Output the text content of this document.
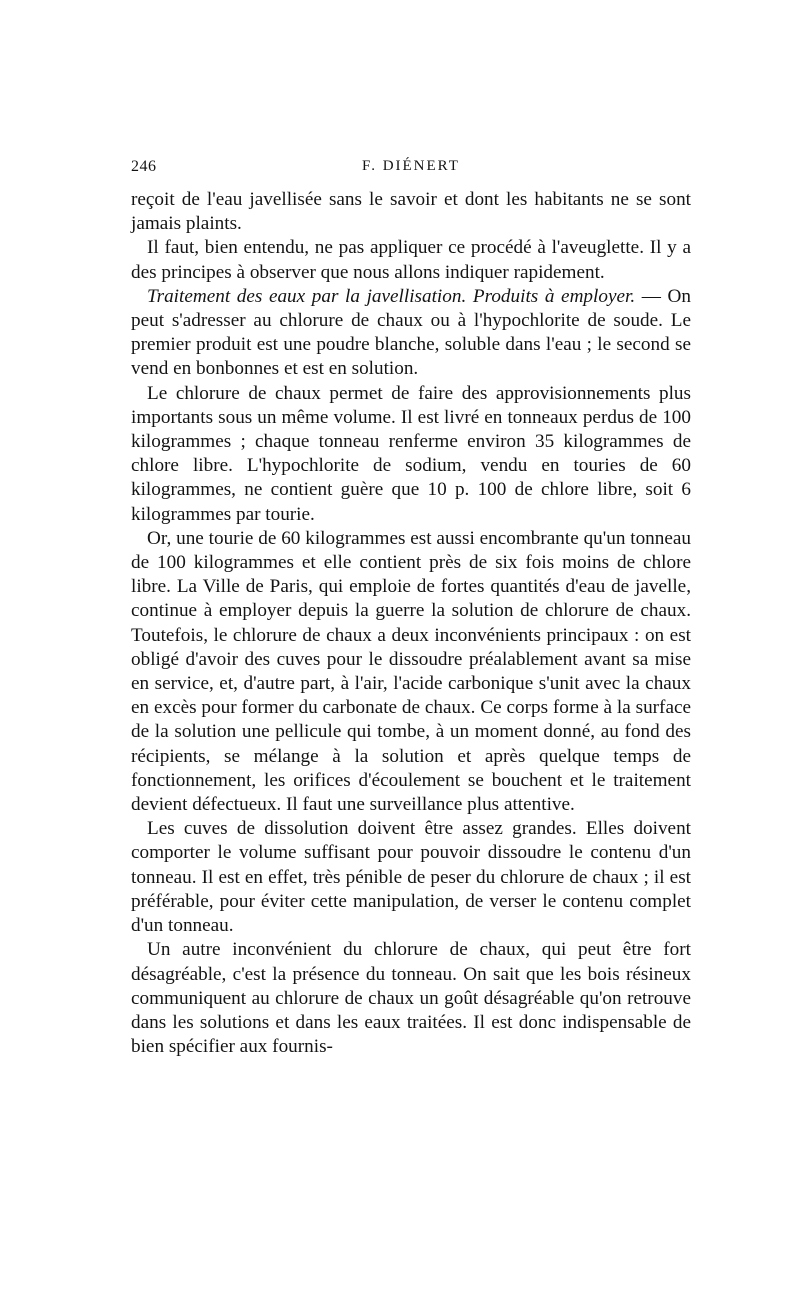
246	F. DIÉNERT

reçoit de l'eau javellisée sans le savoir et dont les habitants ne se sont jamais plaints.

Il faut, bien entendu, ne pas appliquer ce procédé à l'aveuglette. Il y a des principes à observer que nous allons indiquer rapidement.

Traitement des eaux par la javellisation. Produits à employer. — On peut s'adresser au chlorure de chaux ou à l'hypochlorite de soude. Le premier produit est une poudre blanche, soluble dans l'eau ; le second se vend en bonbonnes et est en solution.

Le chlorure de chaux permet de faire des approvisionnements plus importants sous un même volume. Il est livré en tonneaux perdus de 100 kilogrammes ; chaque tonneau renferme environ 35 kilogrammes de chlore libre. L'hypochlorite de sodium, vendu en touries de 60 kilogrammes, ne contient guère que 10 p. 100 de chlore libre, soit 6 kilogrammes par tourie.

Or, une tourie de 60 kilogrammes est aussi encombrante qu'un tonneau de 100 kilogrammes et elle contient près de six fois moins de chlore libre. La Ville de Paris, qui emploie de fortes quantités d'eau de javelle, continue à employer depuis la guerre la solution de chlorure de chaux. Toutefois, le chlorure de chaux a deux inconvénients principaux : on est obligé d'avoir des cuves pour le dissoudre préalablement avant sa mise en service, et, d'autre part, à l'air, l'acide carbonique s'unit avec la chaux en excès pour former du carbonate de chaux. Ce corps forme à la surface de la solution une pellicule qui tombe, à un moment donné, au fond des récipients, se mélange à la solution et après quelque temps de fonctionnement, les orifices d'écoulement se bouchent et le traitement devient défectueux. Il faut une surveillance plus attentive.

Les cuves de dissolution doivent être assez grandes. Elles doivent comporter le volume suffisant pour pouvoir dissoudre le contenu d'un tonneau. Il est en effet, très pénible de peser du chlorure de chaux ; il est préférable, pour éviter cette manipulation, de verser le contenu complet d'un tonneau.

Un autre inconvénient du chlorure de chaux, qui peut être fort désagréable, c'est la présence du tonneau. On sait que les bois résineux communiquent au chlorure de chaux un goût désagréable qu'on retrouve dans les solutions et dans les eaux traitées. Il est donc indispensable de bien spécifier aux fournis-
